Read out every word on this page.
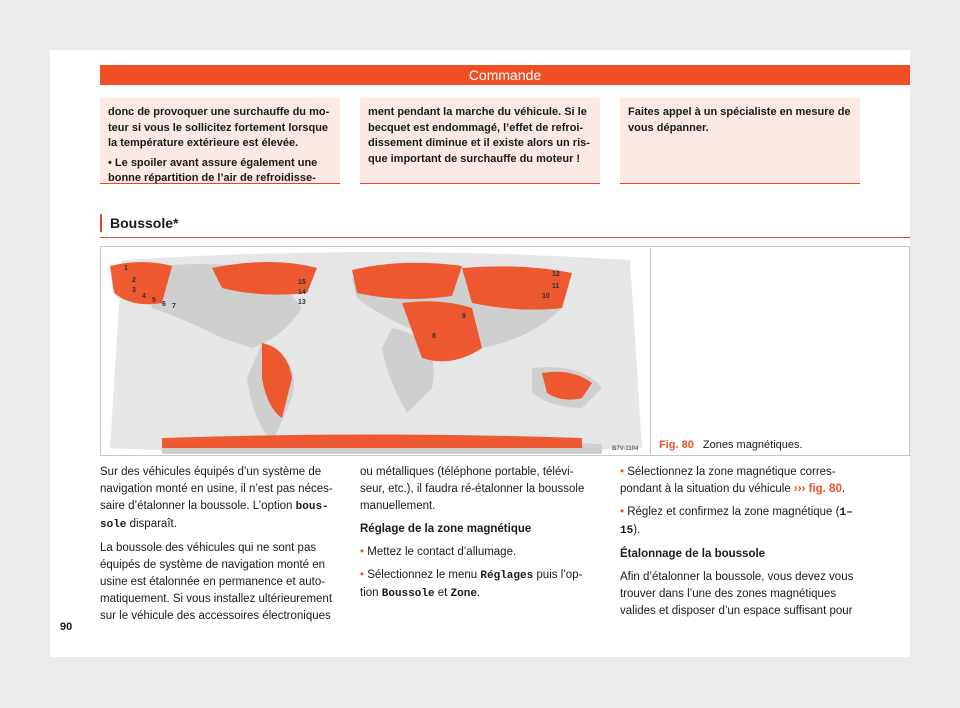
Commande

donc de provoquer une surchauffe du mo-teur si vous le sollicitez fortement lorsque la température extérieure est élevée.

• Le spoiler avant assure également une bonne répartition de l’air de refroidisse-

ment pendant la marche du véhicule. Si le becquet est endommagé, l’effet de refroi-dissement diminue et il existe alors un ris-que important de surchauffe du moteur !

Faites appel à un spécialiste en mesure de vous dépanner.

Boussole*
1
2
3
4
5
6 7
8
9
10
11
12
13
14
15
B7V-1104 Fig. 80 Zones magnétiques.

Sur des véhicules équipés d’un système de navigation monté en usine, il n’est pas néces-saire d’étalonner la boussole. L’option bous-sole disparaît.

La boussole des véhicules qui ne sont pas équipés de système de navigation monté en usine est étalonnée en permanence et auto-matiquement. Si vous installez ultérieurement sur le véhicule des accessoires électroniques

ou métalliques (téléphone portable, télévi-seur, etc.), il faudra ré-étalonner la boussole manuellement.

Réglage de la zone magnétique

• Mettez le contact d’allumage.

• Sélectionnez le menu Réglages puis l’op-tion Boussole et Zone.

• Sélectionnez la zone magnétique corres-pondant à la situation du véhicule ››› fig. 80.

• Réglez et confirmez la zone magnétique (1–15).

Étalonnage de la boussole

Afin d’étalonner la boussole, vous devez vous trouver dans l’une des zones magnétiques valides et disposer d’un espace suffisant pour

90
